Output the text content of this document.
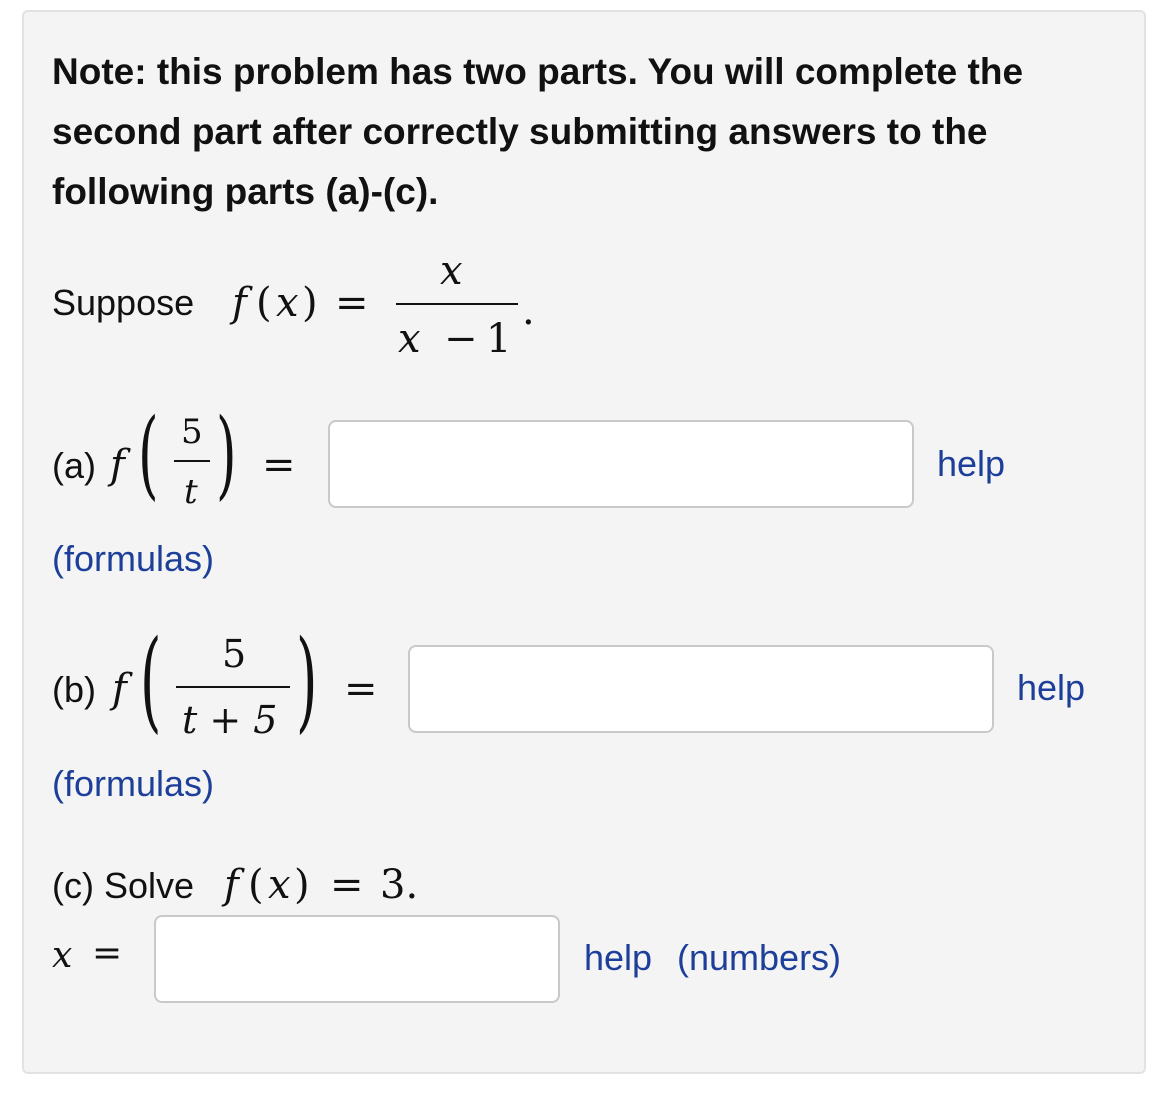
Note: this problem has two parts. You will complete the second part after correctly submitting answers to the following parts (a)-(c).

Suppose f ( x ) =
x
x − 1
.
(a) f ( 5
t ) =	help
(formulas)
(b) f ( 5
t + 5 ) =	help
(formulas)
(c) Solve f ( x ) = 3.
x =	help (numbers)
